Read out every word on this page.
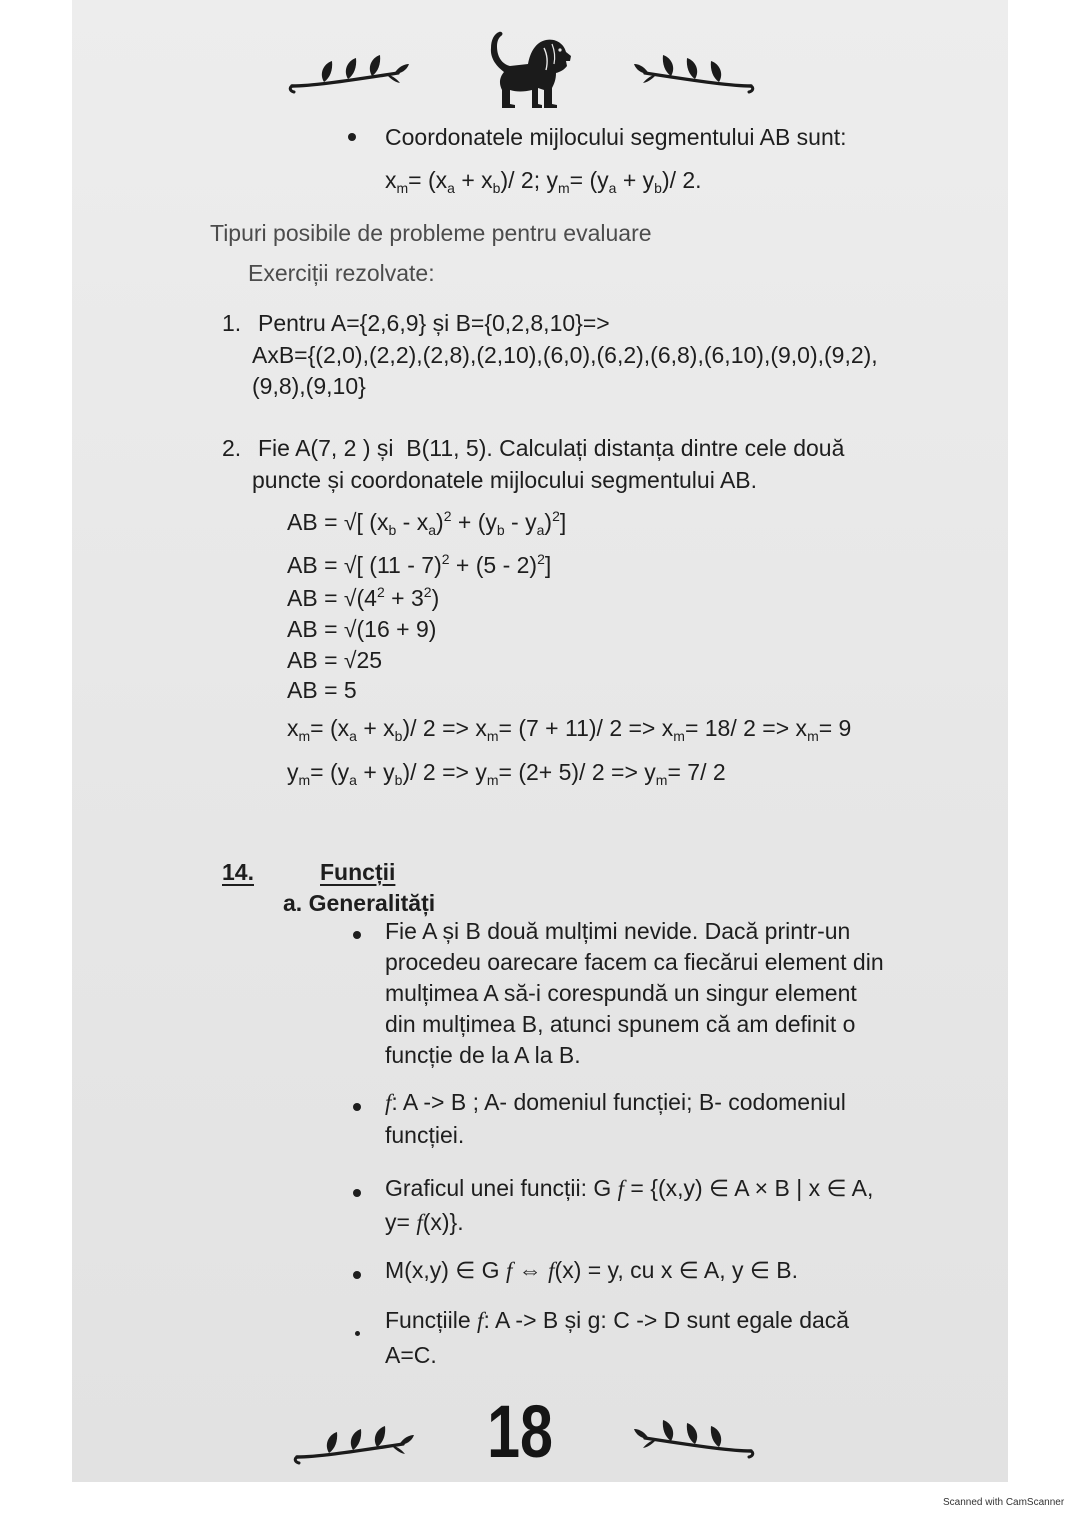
Coordonatele mijlocului segmentului AB sunt:
$x_m= (x_a + x_b)/$ 2; $y_m= (y_a + y_b)/$ 2.
Tipuri posibile de probleme pentru evaluare
Exerciții rezolvate:
1. Pentru A={2,6,9} și B={0,2,8,10}=>
AxB={(2,0),(2,2),(2,8),(2,10),(6,0),(6,2),(6,8),(6,10),(9,0),(9,2),
(9,8),(9,10}
2. Fie A(7, 2 ) și  B(11, 5). Calculați distanța dintre cele două
puncte și coordonatele mijlocului segmentului AB.
AB = √[ $(x_b - x_a)^2 + (y_b - y_a)^2$]
AB = √[ (11 - 7)$^2$ + (5 - 2)$^2$]
AB = $√(4^2 + 3^2)$
AB = √(16 + 9)
AB = √25
AB = 5
$x_m= (x_a + x_b)/$ $2 => x_m= (7 + 11)/$ $2 => x_m= 18/$ $2 => x_m= 9$
$y_m= (y_a + y_b)/$ $2 => y_m= (2+ 5)/$ $2 => y_m= 7/$ 2
14.	Funcții
a. Generalități
Fie A și B două mulțimi nevide. Dacă printr-un
procedeu oarecare facem ca fiecărui element din
mulțimea A să-i corespundă un singur element
din mulțimea B, atunci spunem că am definit o
funcție de la A la B.
f: A -> B ; A- domeniul funcției; B- codomeniul
funcției.
Graficul unei funcții: G f = {(x,y) ∈ A × B | x ∈ A,
y= f(x)}.
M(x,y) ∈ G f ⇔ f(x) = y, cu x ∈ A, y ∈ B.
Funcțiile f: A -> B și g: C -> D sunt egale dacă
A=C.
18
Scanned with CamScanner
